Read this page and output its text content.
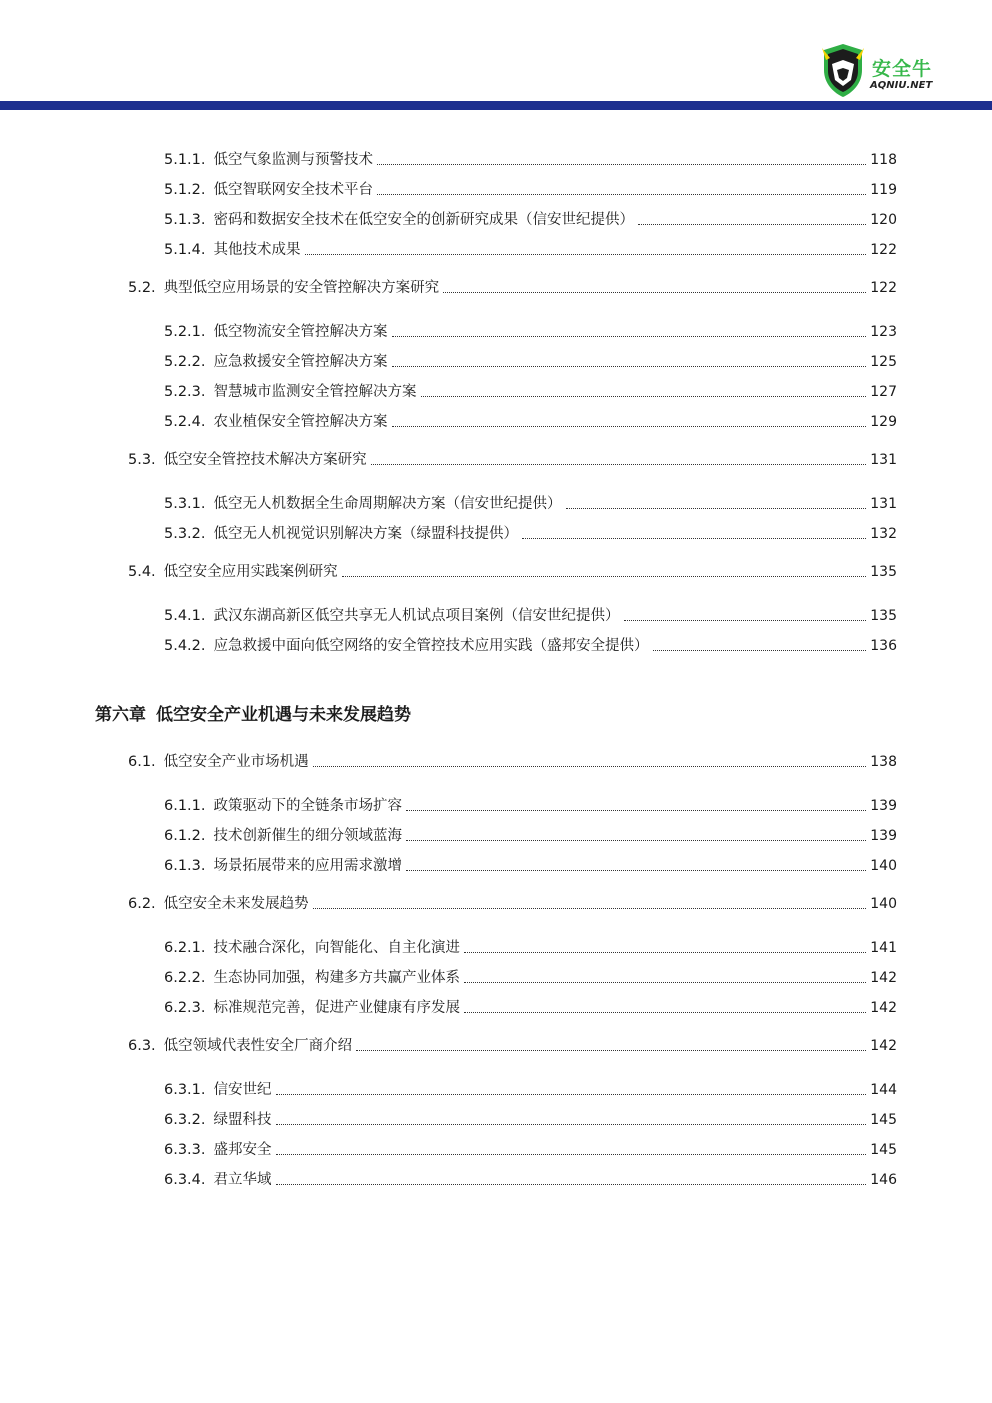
安全牛
AQNIU.NET
5.1.1. 低空气象监测与预警技术	118
5.1.2. 低空智联网安全技术平台	119
5.1.3. 密码和数据安全技术在低空安全的创新研究成果（信安世纪提供）	120
5.1.4. 其他技术成果	122
5.2. 典型低空应用场景的安全管控解决方案研究	122
5.2.1. 低空物流安全管控解决方案	123
5.2.2. 应急救援安全管控解决方案	125
5.2.3. 智慧城市监测安全管控解决方案	127
5.2.4. 农业植保安全管控解决方案	129
5.3. 低空安全管控技术解决方案研究	131
5.3.1. 低空无人机数据全生命周期解决方案（信安世纪提供）	131
5.3.2. 低空无人机视觉识别解决方案（绿盟科技提供）	132
5.4. 低空安全应用实践案例研究	135
5.4.1. 武汉东湖高新区低空共享无人机试点项目案例（信安世纪提供）	135
5.4.2. 应急救援中面向低空网络的安全管控技术应用实践（盛邦安全提供）	136
6.1. 低空安全产业市场机遇	138
6.1.1. 政策驱动下的全链条市场扩容	139
6.1.2. 技术创新催生的细分领域蓝海	139
6.1.3. 场景拓展带来的应用需求激增	140
6.2. 低空安全未来发展趋势	140
6.2.1. 技术融合深化，向智能化、自主化演进	141
6.2.2. 生态协同加强，构建多方共赢产业体系	142
6.2.3. 标准规范完善，促进产业健康有序发展	142
6.3. 低空领域代表性安全厂商介绍	142
6.3.1. 信安世纪	144
6.3.2. 绿盟科技	145
6.3.3. 盛邦安全	145
6.3.4. 君立华域	146
第六章 低空安全产业机遇与未来发展趋势
